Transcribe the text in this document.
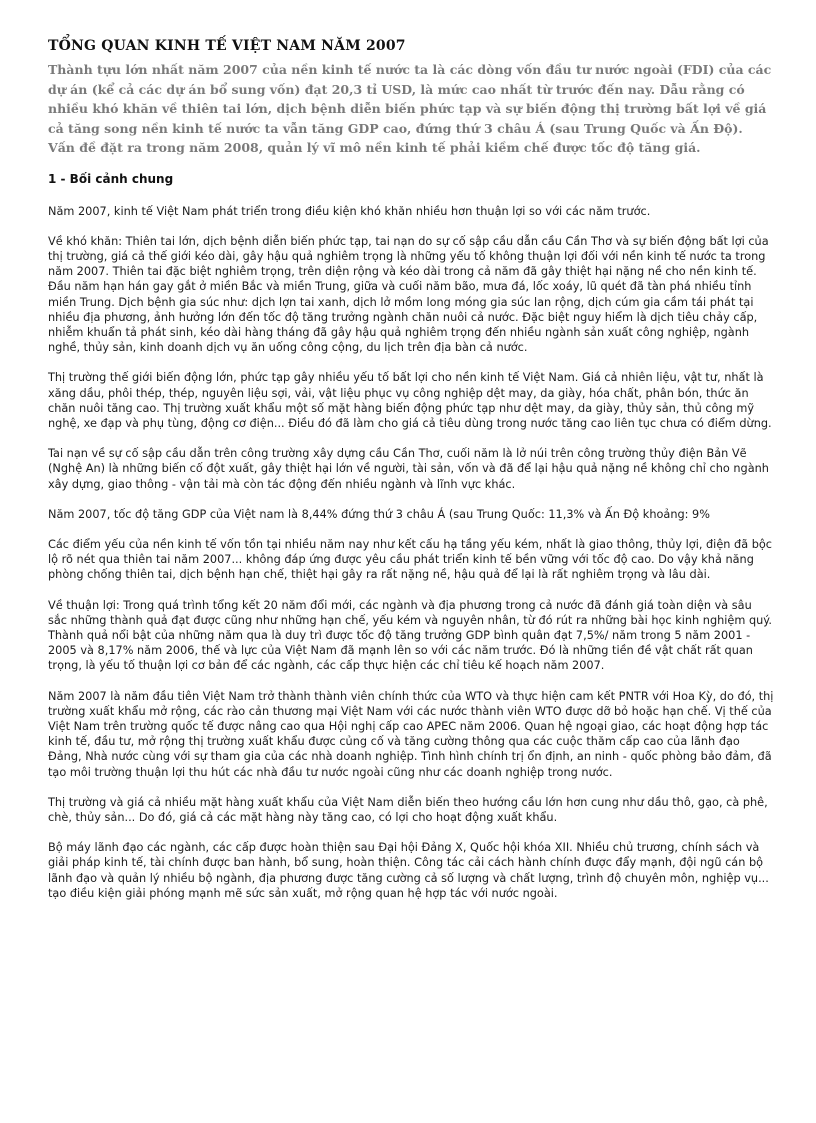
TỔNG QUAN KINH TẾ VIỆT NAM NĂM 2007

Thành tựu lớn nhất năm 2007 của nền kinh tế nước ta là các dòng vốn đầu tư nước ngoài (FDI) của các dự án (kể cả các dự án bổ sung vốn) đạt 20,3 tỉ USD, là mức cao nhất từ trước đến nay. Dẫu rằng có nhiều khó khăn về thiên tai lớn, dịch bệnh diễn biến phức tạp và sự biến động thị trường bất lợi về giá cả tăng song nền kinh tế nước ta vẫn tăng GDP cao, đứng thứ 3 châu Á (sau Trung Quốc và Ấn Độ). Vấn đề đặt ra trong năm 2008, quản lý vĩ mô nền kinh tế phải kiềm chế được tốc độ tăng giá.

1 - Bối cảnh chung

Năm 2007, kinh tế Việt Nam phát triển trong điều kiện khó khăn nhiều hơn thuận lợi so với các năm trước.

Về khó khăn: Thiên tai lớn, dịch bệnh diễn biến phức tạp, tai nạn do sự cố sập cầu dẫn cầu Cần Thơ và sự biến động bất lợi của thị trường, giá cả thế giới kéo dài, gây hậu quả nghiêm trọng là những yếu tố không thuận lợi đối với nền kinh tế nước ta trong năm 2007. Thiên tai đặc biệt nghiêm trọng, trên diện rộng và kéo dài trong cả năm đã gây thiệt hại nặng nề cho nền kinh tế. Đầu năm hạn hán gay gắt ở miền Bắc và miền Trung, giữa và cuối năm bão, mưa đá, lốc xoáy, lũ quét đã tàn phá nhiều tỉnh miền Trung. Dịch bệnh gia súc như: dịch lợn tai xanh, dịch lở mồm long móng gia súc lan rộng, dịch cúm gia cầm tái phát tại nhiều địa phương, ảnh hưởng lớn đến tốc độ tăng trưởng ngành chăn nuôi cả nước. Đặc biệt nguy hiểm là dịch tiêu chảy cấp, nhiễm khuẩn tả phát sinh, kéo dài hàng tháng đã gây hậu quả nghiêm trọng đến nhiều ngành sản xuất công nghiệp, ngành nghề, thủy sản, kinh doanh dịch vụ ăn uống công cộng, du lịch trên địa bàn cả nước.

Thị trường thế giới biến động lớn, phức tạp gây nhiều yếu tố bất lợi cho nền kinh tế Việt Nam. Giá cả nhiên liệu, vật tư, nhất là xăng dầu, phôi thép, thép, nguyên liệu sợi, vải, vật liệu phục vụ công nghiệp dệt may, da giày, hóa chất, phân bón, thức ăn chăn nuôi tăng cao. Thị trường xuất khẩu một số mặt hàng biến động phức tạp như dệt may, da giày, thủy sản, thủ công mỹ nghệ, xe đạp và phụ tùng, động cơ điện... Điều đó đã làm cho giá cả tiêu dùng trong nước tăng cao liên tục chưa có điểm dừng.

Tai nạn về sự cố sập cầu dẫn trên công trường xây dựng cầu Cần Thơ, cuối năm là lở núi trên công trường thủy điện Bản Vẽ (Nghệ An) là những biến cố đột xuất, gây thiệt hại lớn về người, tài sản, vốn và đã để lại hậu quả nặng nề không chỉ cho ngành xây dựng, giao thông - vận tải mà còn tác động đến nhiều ngành và lĩnh vực khác.

Năm 2007, tốc độ tăng GDP của Việt nam là 8,44% đứng thứ 3 châu Á (sau Trung Quốc: 11,3% và Ấn Độ khoảng: 9%

Các điểm yếu của nền kinh tế vốn tồn tại nhiều năm nay như kết cấu hạ tầng yếu kém, nhất là giao thông, thủy lợi, điện đã bộc lộ rõ nét qua thiên tai năm 2007... không đáp ứng được yêu cầu phát triển kinh tế bền vững với tốc độ cao. Do vậy khả năng phòng chống thiên tai, dịch bệnh hạn chế, thiệt hại gây ra rất nặng nề, hậu quả để lại là rất nghiêm trọng và lâu dài.

Về thuận lợi: Trong quá trình tổng kết 20 năm đổi mới, các ngành và địa phương trong cả nước đã đánh giá toàn diện và sâu sắc những thành quả đạt được cũng như những hạn chế, yếu kém và nguyên nhân, từ đó rút ra những bài học kinh nghiệm quý. Thành quả nổi bật của những năm qua là duy trì được tốc độ tăng trưởng GDP bình quân đạt 7,5%/ năm trong 5 năm 2001 - 2005 và 8,17% năm 2006, thế và lực của Việt Nam đã mạnh lên so với các năm trước. Đó là những tiền đề vật chất rất quan trọng, là yếu tố thuận lợi cơ bản để các ngành, các cấp thực hiện các chỉ tiêu kế hoạch năm 2007.

Năm 2007 là năm đầu tiên Việt Nam trở thành thành viên chính thức của WTO và thực hiện cam kết PNTR với Hoa Kỳ, do đó, thị trường xuất khẩu mở rộng, các rào cản thương mại Việt Nam với các nước thành viên WTO được dỡ bỏ hoặc hạn chế. Vị thế của Việt Nam trên trường quốc tế được nâng cao qua Hội nghị cấp cao APEC năm 2006. Quan hệ ngoại giao, các hoạt động hợp tác kinh tế, đầu tư, mở rộng thị trường xuất khẩu được củng cố và tăng cường thông qua các cuộc thăm cấp cao của lãnh đạo Đảng, Nhà nước cùng với sự tham gia của các nhà doanh nghiệp. Tình hình chính trị ổn định, an ninh - quốc phòng bảo đảm, đã tạo môi trường thuận lợi thu hút các nhà đầu tư nước ngoài cũng như các doanh nghiệp trong nước.

Thị trường và giá cả nhiều mặt hàng xuất khẩu của Việt Nam diễn biến theo hướng cầu lớn hơn cung như dầu thô, gạo, cà phê, chè, thủy sản... Do đó, giá cả các mặt hàng này tăng cao, có lợi cho hoạt động xuất khẩu.

Bộ máy lãnh đạo các ngành, các cấp được hoàn thiện sau Đại hội Đảng X, Quốc hội khóa XII. Nhiều chủ trương, chính sách và giải pháp kinh tế, tài chính được ban hành, bổ sung, hoàn thiện. Công tác cải cách hành chính được đẩy mạnh, đội ngũ cán bộ lãnh đạo và quản lý nhiều bộ ngành, địa phương được tăng cường cả số lượng và chất lượng, trình độ chuyên môn, nghiệp vụ... tạo điều kiện giải phóng mạnh mẽ sức sản xuất, mở rộng quan hệ hợp tác với nước ngoài.
